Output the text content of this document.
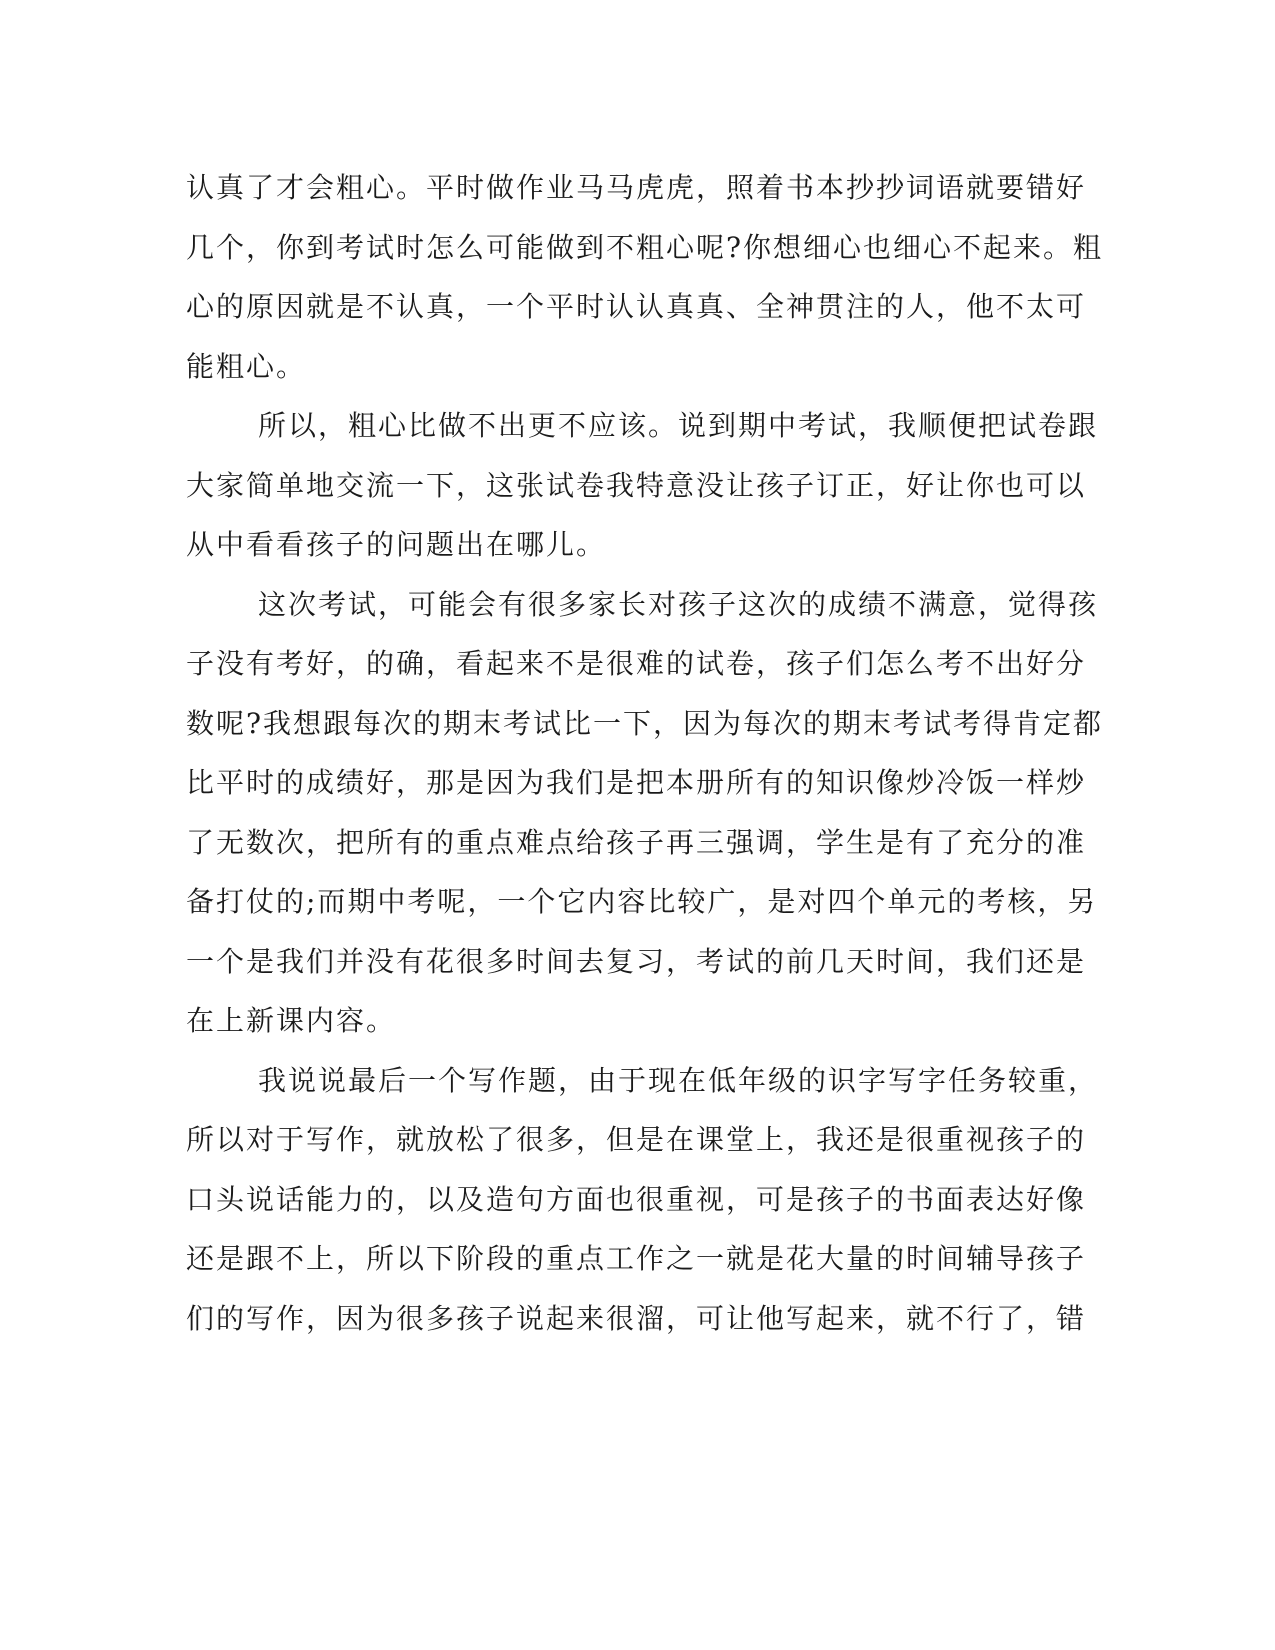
认真了才会粗心。平时做作业马马虎虎，照着书本抄抄词语就要错好
几个，你到考试时怎么可能做到不粗心呢?你想细心也细心不起来。粗
心的原因就是不认真，一个平时认认真真、全神贯注的人，他不太可
能粗心。
所以，粗心比做不出更不应该。说到期中考试，我顺便把试卷跟
大家简单地交流一下，这张试卷我特意没让孩子订正，好让你也可以
从中看看孩子的问题出在哪儿。
这次考试，可能会有很多家长对孩子这次的成绩不满意，觉得孩
子没有考好，的确，看起来不是很难的试卷，孩子们怎么考不出好分
数呢?我想跟每次的期末考试比一下，因为每次的期末考试考得肯定都
比平时的成绩好，那是因为我们是把本册所有的知识像炒冷饭一样炒
了无数次，把所有的重点难点给孩子再三强调，学生是有了充分的准
备打仗的;而期中考呢，一个它内容比较广，是对四个单元的考核，另
一个是我们并没有花很多时间去复习，考试的前几天时间，我们还是
在上新课内容。
我说说最后一个写作题，由于现在低年级的识字写字任务较重，
所以对于写作，就放松了很多，但是在课堂上，我还是很重视孩子的
口头说话能力的，以及造句方面也很重视，可是孩子的书面表达好像
还是跟不上，所以下阶段的重点工作之一就是花大量的时间辅导孩子
们的写作，因为很多孩子说起来很溜，可让他写起来，就不行了，错
